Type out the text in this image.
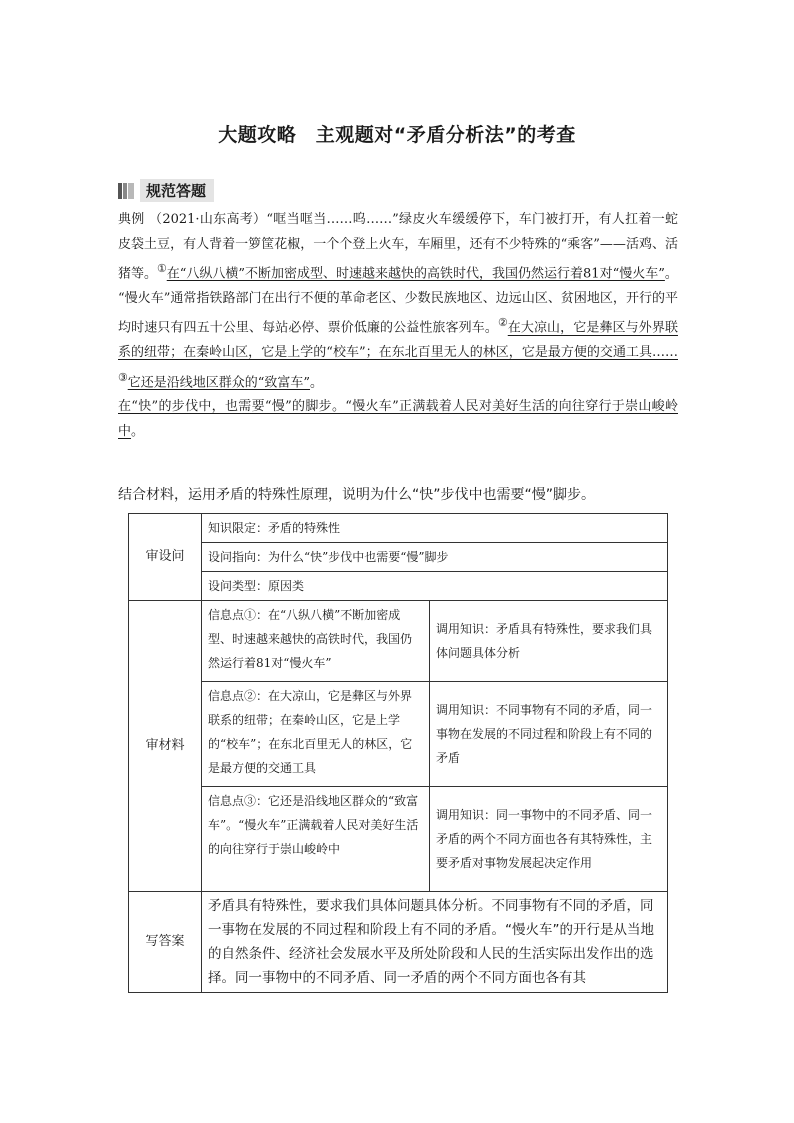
大题攻略　主观题对“矛盾分析法”的考查
规范答题

典例 （2021·山东高考）“哐当哐当……呜……”绿皮火车缓缓停下，车门被打开，有人扛着一蛇皮袋土豆，有人背着一箩筐花椒，一个个登上火车，车厢里，还有不少特殊的“乘客”——活鸡、活猪等。①在“八纵八横”不断加密成型、时速越来越快的高铁时代，我国仍然运行着81对“慢火车”。

“慢火车”通常指铁路部门在出行不便的革命老区、少数民族地区、边远山区、贫困地区，开行的平均时速只有四五十公里、每站必停、票价低廉的公益性旅客列车。②在大凉山，它是彝区与外界联系的纽带；在秦岭山区，它是上学的“校车”；在东北百里无人的林区，它是最方便的交通工具……③它还是沿线地区群众的“致富车”。

在“快”的步伐中，也需要“慢”的脚步。“慢火车”正满载着人民对美好生活的向往穿行于崇山峻岭中。

结合材料，运用矛盾的特殊性原理，说明为什么“快”步伐中也需要“慢”脚步。
审设问	知识限定：矛盾的特殊性	
	设问指向：为什么“快”步伐中也需要“慢”脚步	
	设问类型：原因类	
审材料	信息点①：在“八纵八横”不断加密成型、时速越来越快的高铁时代，我国仍然运行着81对“慢火车”	调用知识：矛盾具有特殊性，要求我们具体问题具体分析
	信息点②：在大凉山，它是彝区与外界联系的纽带；在秦岭山区，它是上学的“校车”；在东北百里无人的林区，它是最方便的交通工具	调用知识：不同事物有不同的矛盾，同一事物在发展的不同过程和阶段上有不同的矛盾
	信息点③：它还是沿线地区群众的“致富车”。“慢火车”正满载着人民对美好生活的向往穿行于崇山峻岭中	调用知识：同一事物中的不同矛盾、同一矛盾的两个不同方面也各有其特殊性，主要矛盾对事物发展起决定作用
写答案	矛盾具有特殊性，要求我们具体问题具体分析。不同事物有不同的矛盾，同一事物在发展的不同过程和阶段上有不同的矛盾。“慢火车”的开行是从当地的自然条件、经济社会发展水平及所处阶段和人民的生活实际出发作出的选择。同一事物中的不同矛盾、同一矛盾的两个不同方面也各有其	
